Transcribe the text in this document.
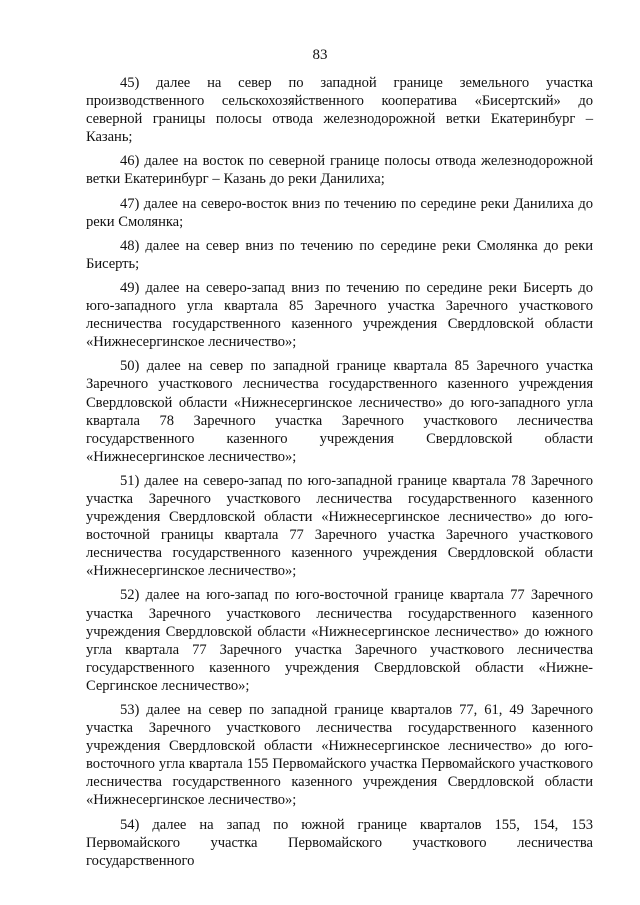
83

45) далее на север по западной границе земельного участка производственного сельскохозяйственного кооператива «Бисертский» до северной границы полосы отвода железнодорожной ветки Екатеринбург – Казань;

46) далее на восток по северной границе полосы отвода железнодорожной ветки Екатеринбург – Казань до реки Данилиха;

47) далее на северо-восток вниз по течению по середине реки Данилиха до реки Смолянка;

48) далее на север вниз по течению по середине реки Смолянка до реки Бисерть;

49) далее на северо-запад вниз по течению по середине реки Бисерть до юго-западного угла квартала 85 Заречного участка Заречного участкового лесничества государственного казенного учреждения Свердловской области «Нижнесергинское лесничество»;

50) далее на север по западной границе квартала 85 Заречного участка Заречного участкового лесничества государственного казенного учреждения Свердловской области «Нижнесергинское лесничество» до юго-западного угла квартала 78 Заречного участка Заречного участкового лесничества государственного казенного учреждения Свердловской области «Нижнесергинское лесничество»;

51) далее на северо-запад по юго-западной границе квартала 78 Заречного участка Заречного участкового лесничества государственного казенного учреждения Свердловской области «Нижнесергинское лесничество» до юго-восточной границы квартала 77 Заречного участка Заречного участкового лесничества государственного казенного учреждения Свердловской области «Нижнесергинское лесничество»;

52) далее на юго-запад по юго-восточной границе квартала 77 Заречного участка Заречного участкового лесничества государственного казенного учреждения Свердловской области «Нижнесергинское лесничество» до южного угла квартала 77 Заречного участка Заречного участкового лесничества государственного казенного учреждения Свердловской области «Нижне-Сергинское лесничество»;

53) далее на север по западной границе кварталов 77, 61, 49 Заречного участка Заречного участкового лесничества государственного казенного учреждения Свердловской области «Нижнесергинское лесничество» до юго-восточного угла квартала 155 Первомайского участка Первомайского участкового лесничества государственного казенного учреждения Свердловской области «Нижнесергинское лесничество»;

54) далее на запад по южной границе кварталов 155, 154, 153 Первомайского участка Первомайского участкового лесничества государственного
